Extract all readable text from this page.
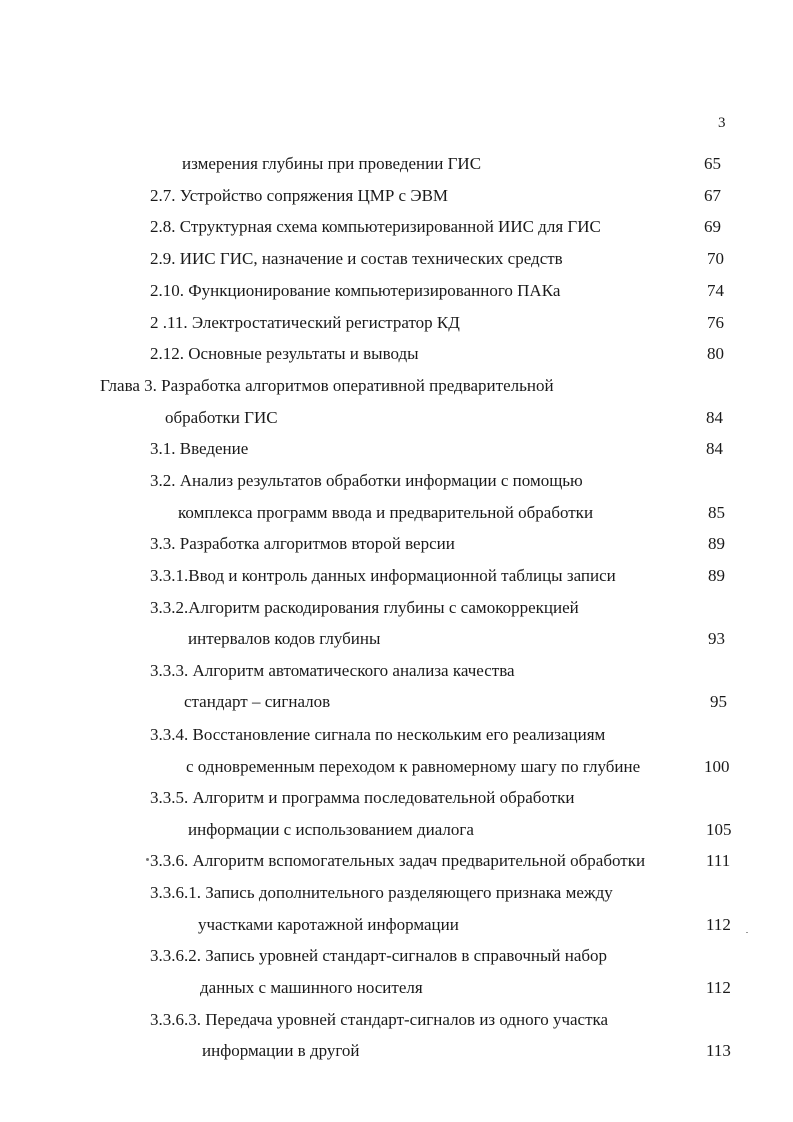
3
измерения глубины при проведении ГИС	65
2.7. Устройство сопряжения ЦМР с ЭВМ	67
2.8. Структурная схема компьютеризированной ИИС для ГИС	69
2.9. ИИС ГИС, назначение и состав технических средств	70
2.10. Функционирование компьютеризированного ПАКа	74
2 .11. Электростатический регистратор КД	76
2.12. Основные результаты и выводы	80
Глава 3. Разработка алгоритмов оперативной предварительной
обработки ГИС	84
3.1. Введение	84
3.2. Анализ результатов обработки информации с помощью
комплекса программ ввода и предварительной обработки	85
3.3. Разработка алгоритмов второй версии	89
3.3.1.Ввод и контроль данных информационной таблицы записи	89
3.3.2.Алгоритм раскодирования глубины с самокоррекцией
интервалов кодов глубины	93
3.3.3. Алгоритм автоматического анализа качества
стандарт – сигналов	95
3.3.4. Восстановление сигнала по нескольким его реализациям
с одновременным переходом к равномерному шагу по глубине	100
3.3.5. Алгоритм и программа последовательной обработки
информации с использованием диалога	105
3.3.6. Алгоритм вспомогательных задач предварительной обработки	111
3.3.6.1. Запись дополнительного разделяющего признака между
участками каротажной информации	112
3.3.6.2. Запись уровней стандарт-сигналов в справочный набор
данных с машинного носителя	112
3.3.6.3. Передача уровней стандарт-сигналов из одного участка
информации в другой	113
